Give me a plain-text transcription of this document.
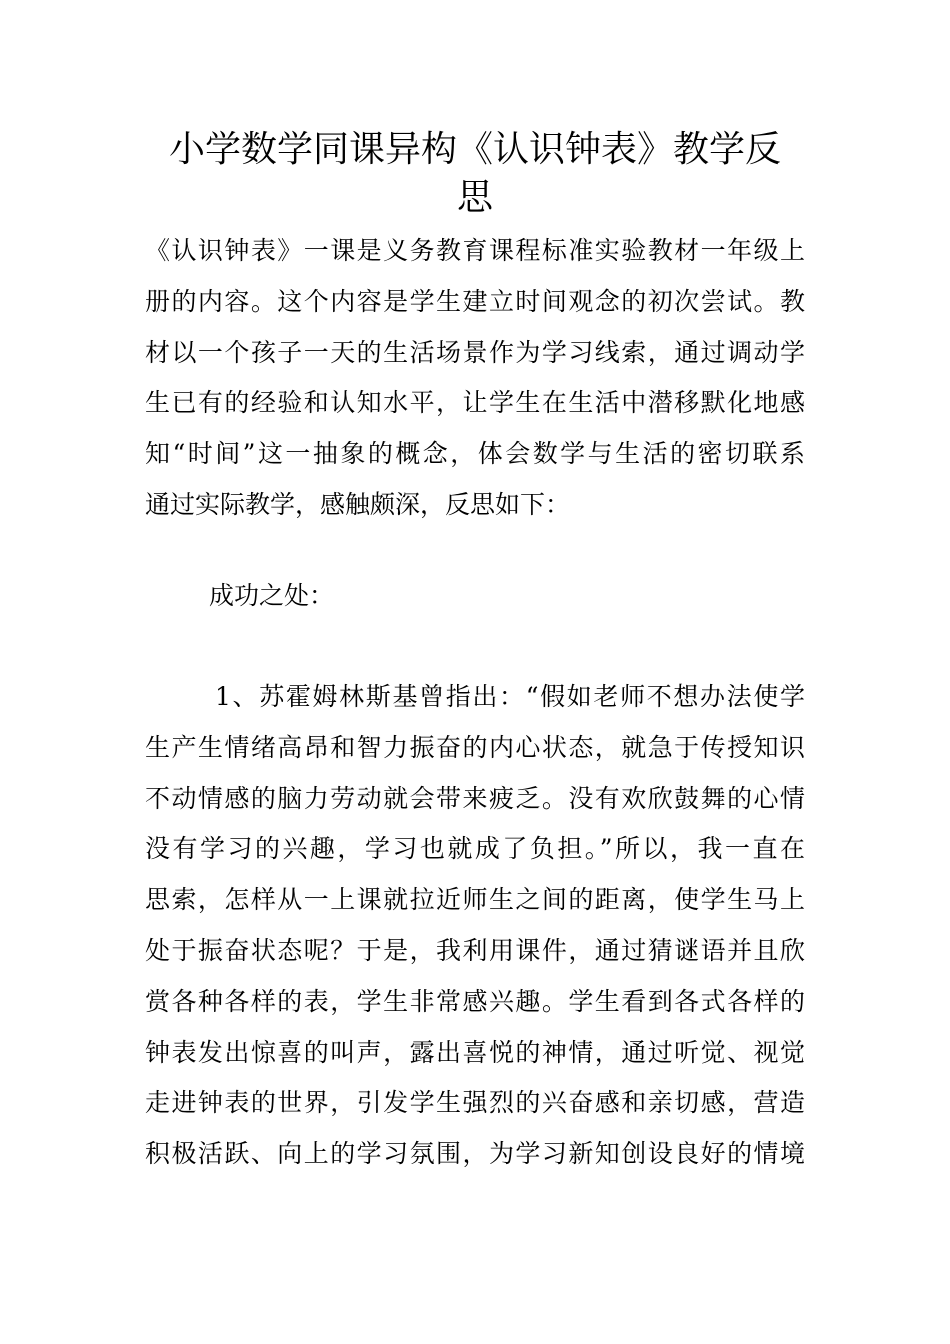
小学数学同课异构《认识钟表》教学反
思
《认识钟表》一课是义务教育课程标准实验教材一年级上
册的内容。这个内容是学生建立时间观念的初次尝试。教
材以一个孩子一天的生活场景作为学习线索，通过调动学
生已有的经验和认知水平，让学生在生活中潜移默化地感
知“时间”这一抽象的概念，体会数学与生活的密切联系
通过实际教学，感触颇深，反思如下：
成功之处：
1、苏霍姆林斯基曾指出：“假如老师不想办法使学
生产生情绪高昂和智力振奋的内心状态，就急于传授知识
不动情感的脑力劳动就会带来疲乏。没有欢欣鼓舞的心情
没有学习的兴趣，学习也就成了负担。”所以，我一直在
思索，怎样从一上课就拉近师生之间的距离，使学生马上
处于振奋状态呢？于是，我利用课件，通过猜谜语并且欣
赏各种各样的表，学生非常感兴趣。学生看到各式各样的
钟表发出惊喜的叫声，露出喜悦的神情，通过听觉、视觉
走进钟表的世界，引发学生强烈的兴奋感和亲切感，营造
积极活跃、向上的学习氛围，为学习新知创设良好的情境
